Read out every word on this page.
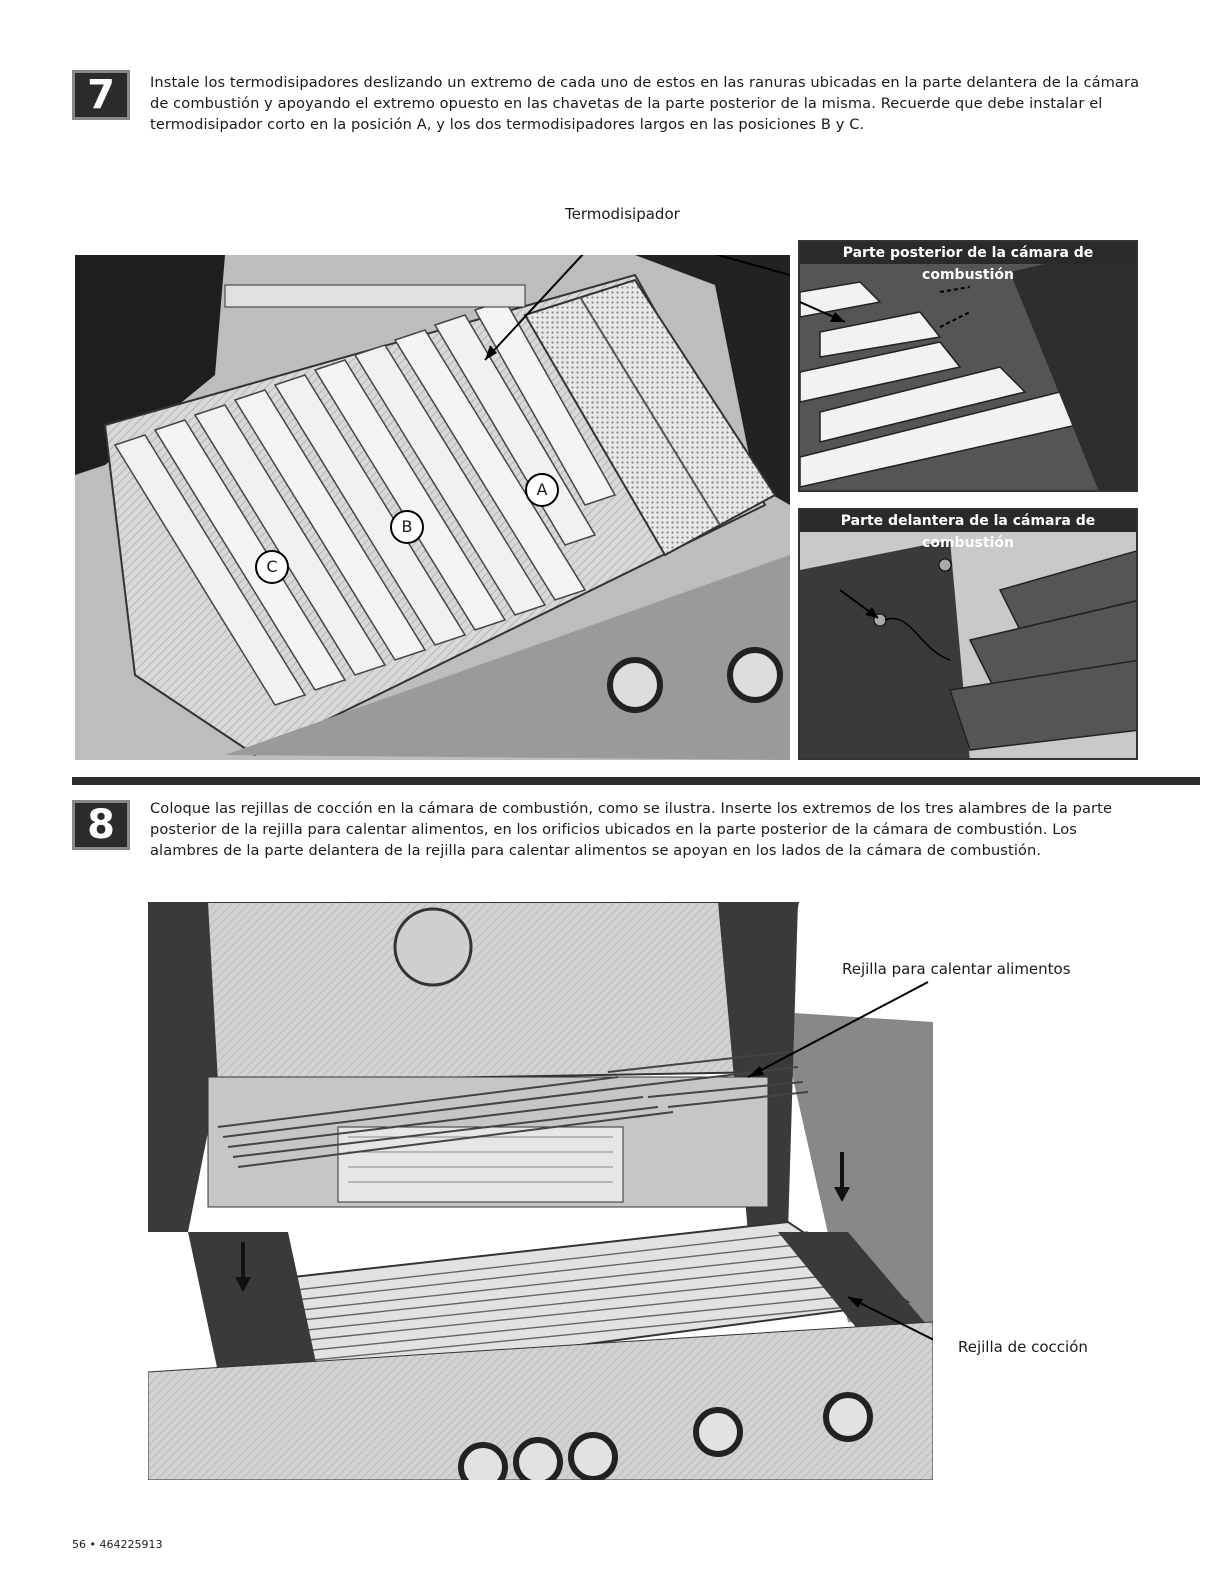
7	Instale los termodisipadores deslizando un extremo de cada uno de estos en las ranuras ubicadas en la parte delantera de la cámara de combustión y apoyando el extremo opuesto en las chavetas de la parte posterior de la misma. Recuerde que debe instalar el termodisipador corto en la posición A, y los dos termodisipadores largos en las posiciones B y C.
Termodisipador
A
B
C
Parte posterior de la cámara de combustión
Parte delantera de la cámara de combustión
8	Coloque las rejillas de cocción en la cámara de combustión, como se ilustra. Inserte los extremos de los tres alambres de la parte posterior de la rejilla para calentar alimentos, en los orificios ubicados en la parte posterior de la cámara de combustión. Los alambres de la parte delantera de la rejilla para calentar alimentos se apoyan en los lados de la cámara de combustión.
Rejilla para calentar alimentos
Rejilla de cocción
56 • 464225913
